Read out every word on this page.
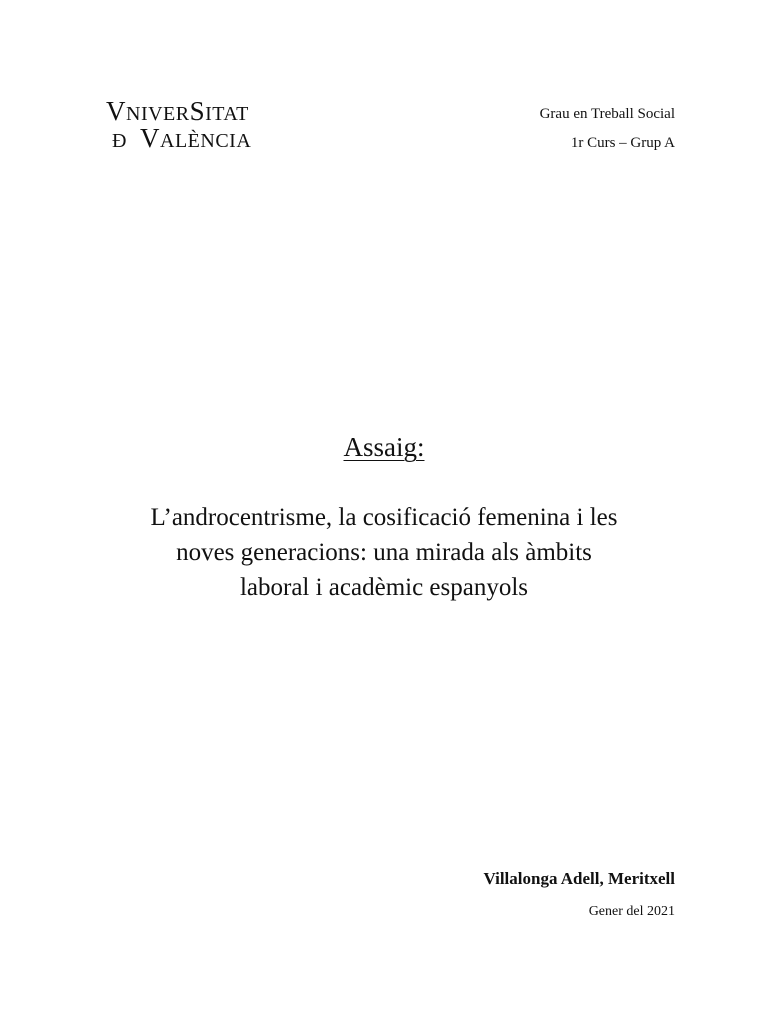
VNIVERSITAT
Ð VALÈNCIA
Grau en Treball Social
1r Curs – Grup A
Assaig:
L’androcentrisme, la cosificació femenina i les
noves generacions: una mirada als àmbits
laboral i acadèmic espanyols
Villalonga Adell, Meritxell
Gener del 2021
